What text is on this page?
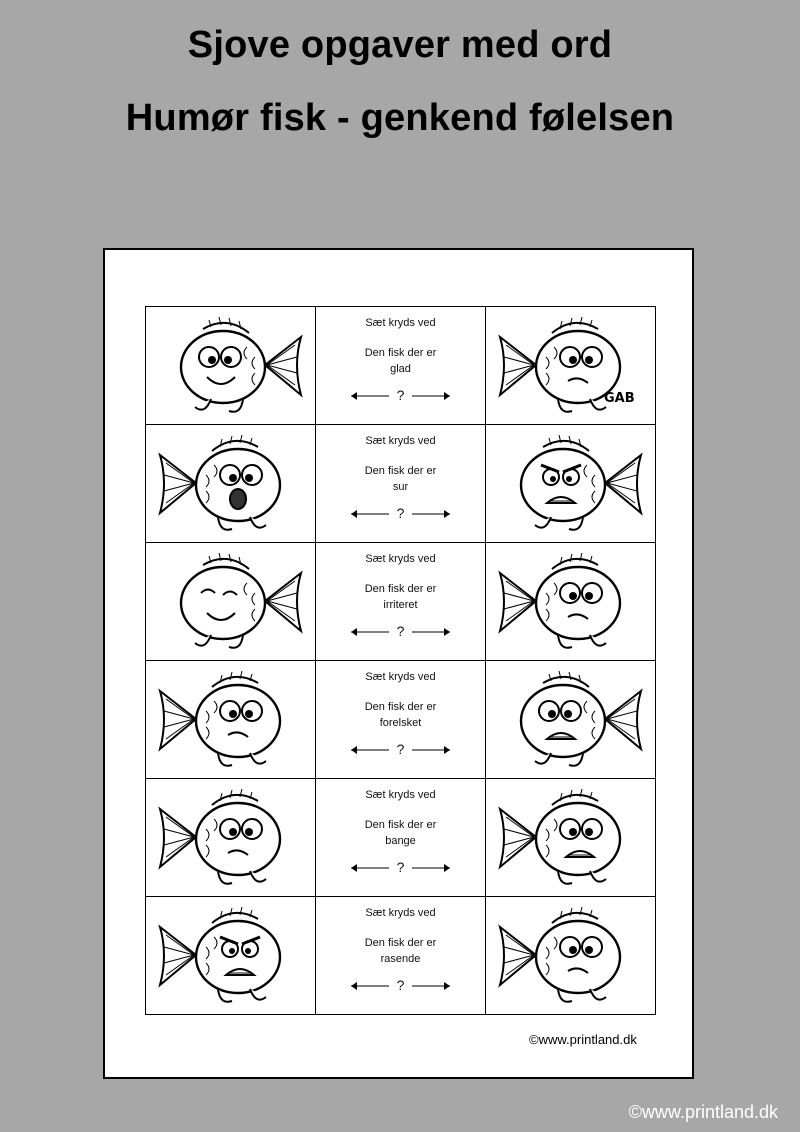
Sjove opgaver med ord
Humør fisk - genkend følelsen

Sæt kryds ved
Den fisk der er
glad
?	GAB

Sæt kryds ved
Den fisk der er
sur
?

Sæt kryds ved
Den fisk der er
irriteret
?

Sæt kryds ved
Den fisk der er
forelsket
?

Sæt kryds ved
Den fisk der er
bange
?

Sæt kryds ved
Den fisk der er
rasende
?

©www.printland.dk
©www.printland.dk
